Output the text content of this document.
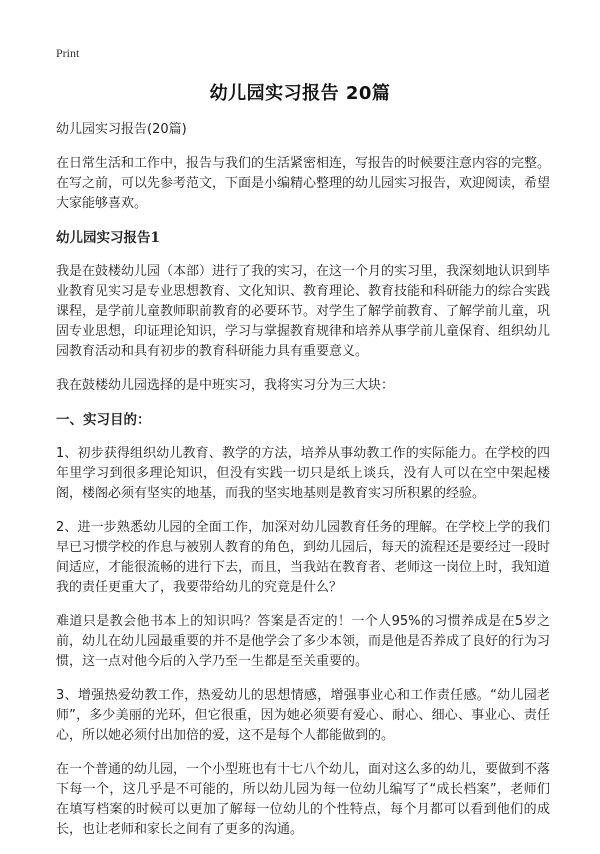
Print
幼儿园实习报告 20篇

幼儿园实习报告(20篇)

在日常生活和工作中，报告与我们的生活紧密相连，写报告的时候要注意内容的完整。在写之前，可以先参考范文，下面是小编精心整理的幼儿园实习报告，欢迎阅读，希望大家能够喜欢。

幼儿园实习报告1

我是在鼓楼幼儿园（本部）进行了我的实习，在这一个月的实习里，我深刻地认识到毕业教育见实习是专业思想教育、文化知识、教育理论、教育技能和科研能力的综合实践课程，是学前儿童教师职前教育的必要环节。对学生了解学前教育、了解学前儿童，巩固专业思想，印证理论知识，学习与掌握教育规律和培养从事学前儿童保育、组织幼儿园教育活动和具有初步的教育科研能力具有重要意义。

我在鼓楼幼儿园选择的是中班实习，我将实习分为三大块：

一、实习目的：

1、初步获得组织幼儿教育、教学的方法，培养从事幼教工作的实际能力。在学校的四年里学习到很多理论知识，但没有实践一切只是纸上谈兵，没有人可以在空中架起楼阁，楼阁必须有坚实的地基，而我的坚实地基则是教育实习所积累的经验。

2、进一步熟悉幼儿园的全面工作，加深对幼儿园教育任务的理解。在学校上学的我们早已习惯学校的作息与被别人教育的角色，到幼儿园后，每天的流程还是要经过一段时间适应，才能很流畅的进行下去，而且，当我站在教育者、老师这一岗位上时，我知道我的责任更重大了，我要带给幼儿的究竟是什么？

难道只是教会他书本上的知识吗？答案是否定的！一个人95%的习惯养成是在5岁之前，幼儿在幼儿园最重要的并不是他学会了多少本领，而是他是否养成了良好的行为习惯，这一点对他今后的入学乃至一生都是至关重要的。

3、增强热爱幼教工作，热爱幼儿的思想情感，增强事业心和工作责任感。“幼儿园老师”，多少美丽的光环，但它很重，因为她必须要有爱心、耐心、细心、事业心、责任心，所以她必须付出加倍的爱，这不是每个人都能做到的。

在一个普通的幼儿园，一个小型班也有十七八个幼儿，面对这么多的幼儿，要做到不落下每一个，这几乎是不可能的，所以幼儿园为每一位幼儿编写了“成长档案”，老师们在填写档案的时候可以更加了解每一位幼儿的个性特点，每个月都可以看到他们的成长，也让老师和家长之间有了更多的沟通。
